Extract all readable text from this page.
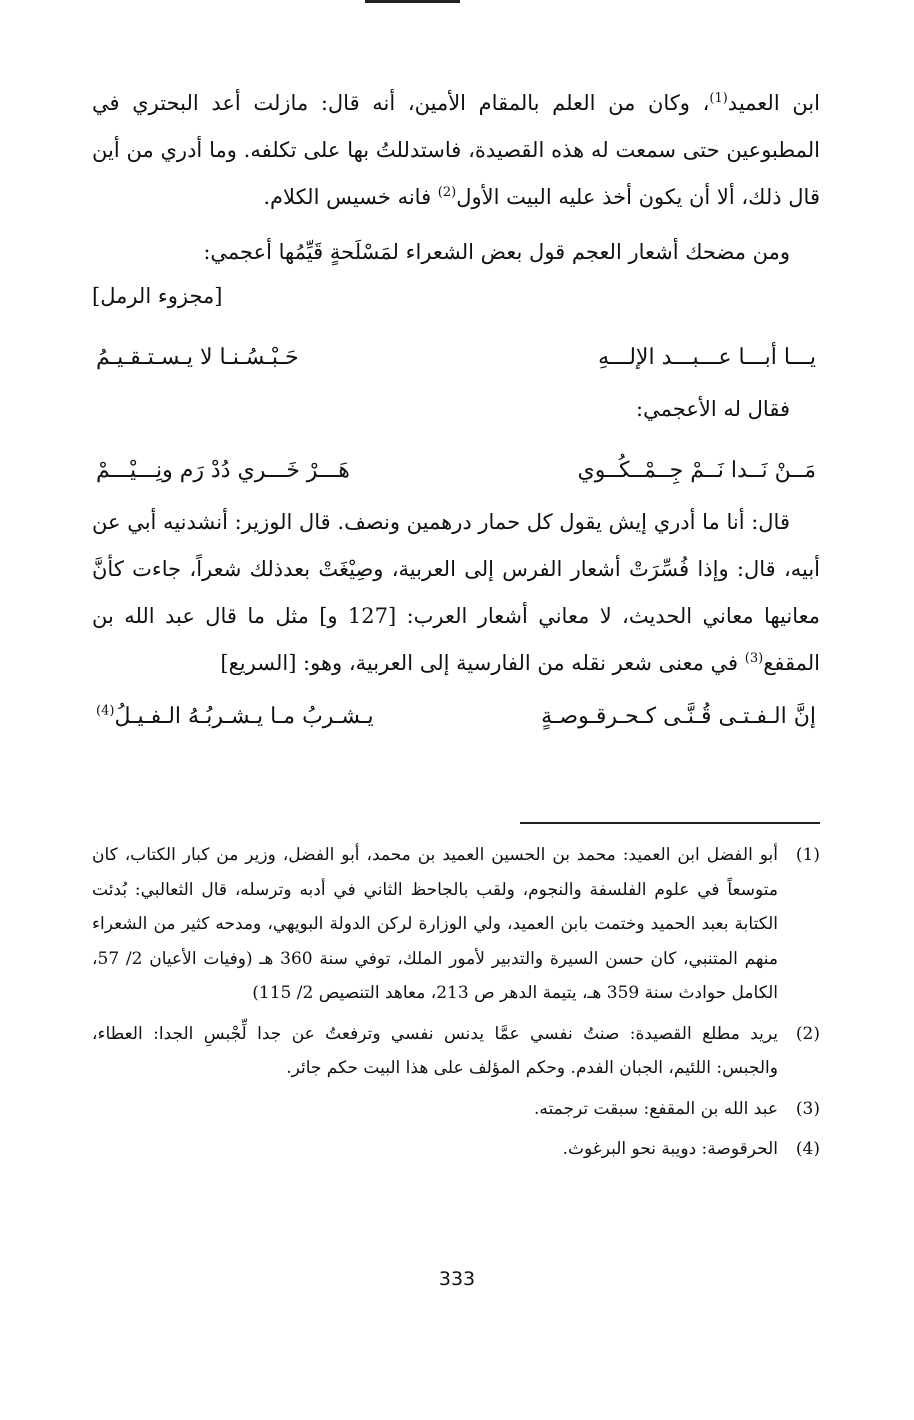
ابن العميد$^{(1)}$، وكان من العلم بالمقام الأمين، أنه قال: مازلت أعد البحتري في المطبوعين حتى سمعت له هذه القصيدة، فاستدللتُ بها على تكلفه. وما أدري من أين قال ذلك، ألا أن يكون أخذ عليه البيت الأول$^{(2)}$ فانه خسيس الكلام.

ومن مضحك أشعار العجم قول بعض الشعراء لمَسْلَحةٍ قَيِّمُها أعجمي:

[مجزوء الرمل]
يـــا أبـــا عـــبـــد الإلـــهِ
حَـبْـسُـنـا لا يـسـتـقـيـمُ

فقال له الأعجمي:

مَــنْ نَــدا نَــمْ جِــمْــكُــوي
هَـــرْ خَـــري دُدْ رَم ونِـــيْـــمْ

قال: أنا ما أدري إيش يقول كل حمار درهمين ونصف. قال الوزير: أنشدنيه أبي عن أبيه، قال: وإذا فُسِّرَتْ أشعار الفرس إلى العربية، وصِيْغَتْ بعدذلك شعراً، جاءت كأنَّ معانيها معاني الحديث، لا معاني أشعار العرب: [127 و] مثل ما قال عبد الله بن المقفع$^{(3)}$ في معنى شعر نقله من الفارسية إلى العربية، وهو: [السريع]

إنَّ الـفـتـى قُـنَّـى كـحـرقـوصـةٍ
يـشـربُ مـا يـشـربُـهُ الـفـيـلُ$^{(4)}$
(1)
أبو الفضل ابن العميد: محمد بن الحسين العميد بن محمد، أبو الفضل، وزير من كبار الكتاب، كان متوسعاً في علوم الفلسفة والنجوم، ولقب بالجاحظ الثاني في أدبه وترسله، قال الثعالبي: بُدئت الكتابة بعبد الحميد وختمت بابن العميد، ولي الوزارة لركن الدولة البويهي، ومدحه كثير من الشعراء منهم المتنبي، كان حسن السيرة والتدبير لأمور الملك، توفي سنة 360 هـ (وفيات الأعيان 2/ 57، الكامل حوادث سنة 359 هـ، يتيمة الدهر ص 213، معاهد التنصيص 2/ 115)
(2)
يريد مطلع القصيدة: صنتُ نفسي عمَّا يدنس نفسي وترفعتُ عن جدا لِّجْبسِ الجدا: العطاء، والجبس: اللئيم، الجبان الفدم. وحكم المؤلف على هذا البيت حكم جائر.
(3)
عبد الله بن المقفع: سبقت ترجمته.
(4)
الحرقوصة: دويبة نحو البرغوث.
333
